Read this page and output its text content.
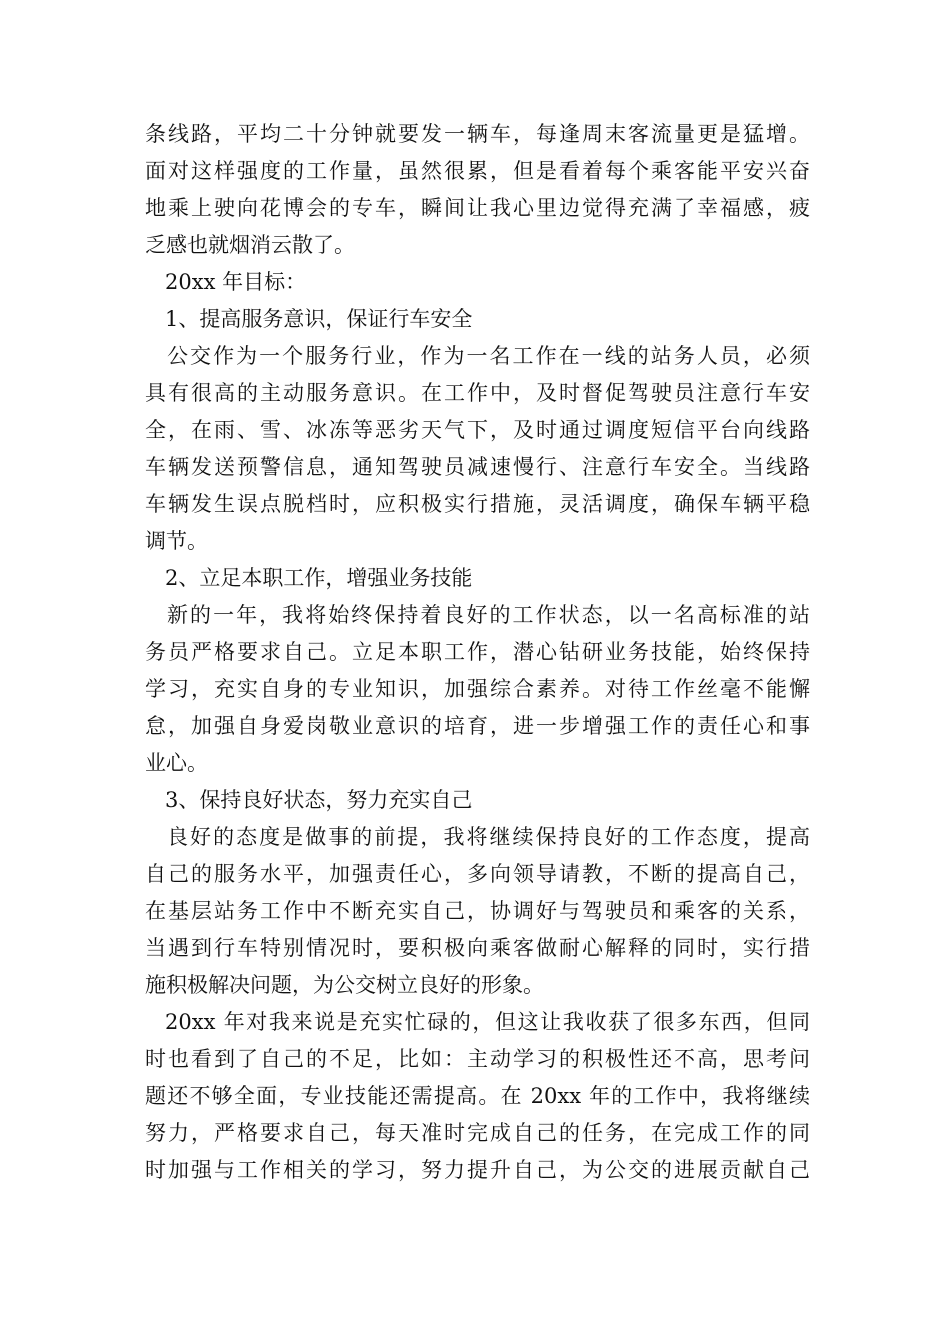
条线路，平均二十分钟就要发一辆车，每逢周末客流量更是猛增。
面对这样强度的工作量，虽然很累，但是看着每个乘客能平安兴奋
地乘上驶向花博会的专车，瞬间让我心里边觉得充满了幸福感，疲
乏感也就烟消云散了。
20xx 年目标：
1、提高服务意识，保证行车安全
公交作为一个服务行业，作为一名工作在一线的站务人员，必须
具有很高的主动服务意识。在工作中，及时督促驾驶员注意行车安
全，在雨、雪、冰冻等恶劣天气下，及时通过调度短信平台向线路
车辆发送预警信息，通知驾驶员减速慢行、注意行车安全。当线路
车辆发生误点脱档时，应积极实行措施，灵活调度，确保车辆平稳
调节。
2、立足本职工作，增强业务技能
新的一年，我将始终保持着良好的工作状态，以一名高标准的站
务员严格要求自己。立足本职工作，潜心钻研业务技能，始终保持
学习，充实自身的专业知识，加强综合素养。对待工作丝毫不能懈
怠，加强自身爱岗敬业意识的培育，进一步增强工作的责任心和事
业心。
3、保持良好状态，努力充实自己
良好的态度是做事的前提，我将继续保持良好的工作态度，提高
自己的服务水平，加强责任心，多向领导请教，不断的提高自己，
在基层站务工作中不断充实自己，协调好与驾驶员和乘客的关系，
当遇到行车特别情况时，要积极向乘客做耐心解释的同时，实行措
施积极解决问题，为公交树立良好的形象。
20xx 年对我来说是充实忙碌的，但这让我收获了很多东西，但同
时也看到了自己的不足，比如：主动学习的积极性还不高，思考问
题还不够全面，专业技能还需提高。在 20xx 年的工作中，我将继续
努力，严格要求自己，每天准时完成自己的任务，在完成工作的同
时加强与工作相关的学习，努力提升自己，为公交的进展贡献自己
